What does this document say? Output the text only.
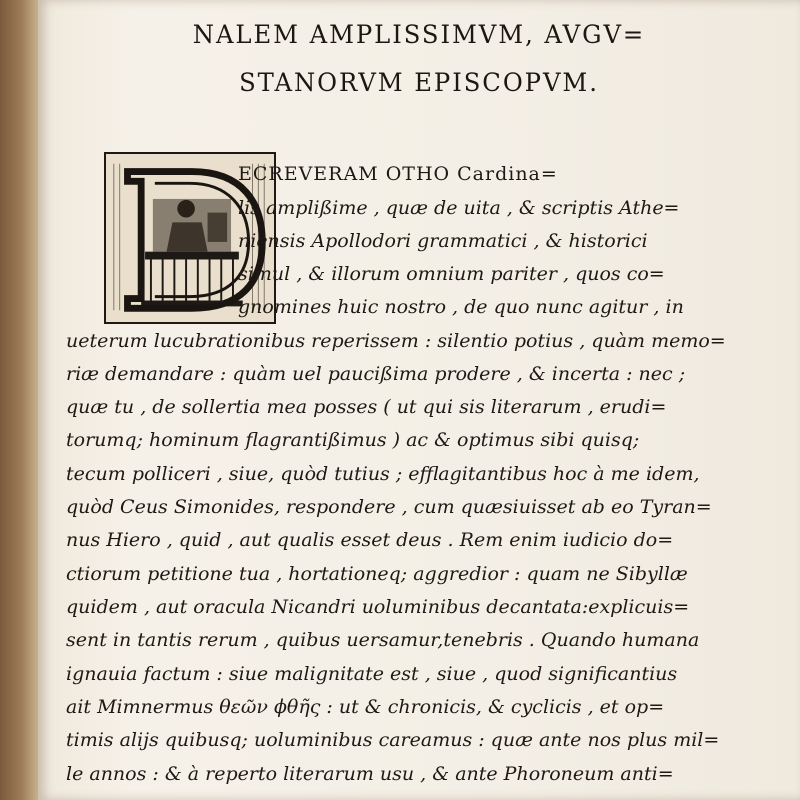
NALEM AMPLISSIMVM, AVGV=
STANORVM EPISCOPVM.
ECREVERAM OTHO Cardina=
lis amplißime , quæ de uita , & scriptis Athe=
niensis Apollodori grammatici , & historici
simul , & illorum omnium pariter , quos co=
gnomines huic nostro , de quo nunc agitur , in
ueterum lucubrationibus reperissem : silentio potius , quàm memo=
riæ demandare : quàm uel paucißima prodere , & incerta : nec ;
quæ tu , de sollertia mea posses ( ut qui sis literarum , erudi=
torumq; hominum flagrantißimus ) ac & optimus sibi quisq;
tecum polliceri , siue, quòd tutius ; efflagitantibus hoc à me idem,
quòd Ceus Simonides, respondere , cum quæsiuisset ab eo Tyran=
nus Hiero , quid , aut qualis esset deus . Rem enim iudicio do=
ctiorum petitione tua , hortationeq; aggredior : quam ne Sibyllæ
quidem , aut oracula Nicandri uoluminibus decantata:explicuis=
sent in tantis rerum , quibus uersamur,tenebris . Quando humana
ignauia factum : siue malignitate est , siue , quod significantius
ait Mimnermus θεῶν ϕθῆς : ut & chronicis, & cyclicis , et op=
timis alijs quibusq; uoluminibus careamus : quæ ante nos plus mil=
le annos : & à reperto literarum usu , & ante Phoroneum anti=
